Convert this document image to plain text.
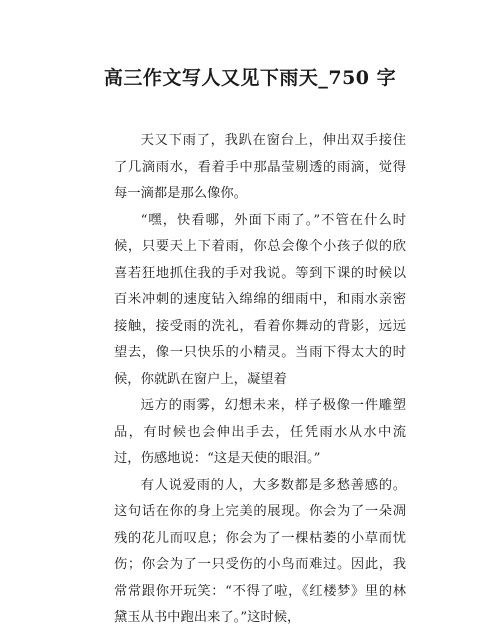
高三作文写人又见下雨天_750 字

天又下雨了，我趴在窗台上，伸出双手接住了几滴雨水，看着手中那晶莹剔透的雨滴，觉得每一滴都是那么像你。

“嘿，快看哪，外面下雨了。”不管在什么时候，只要天上下着雨，你总会像个小孩子似的欣喜若狂地抓住我的手对我说。等到下课的时候以百米冲刺的速度钻入绵绵的细雨中，和雨水亲密接触，接受雨的洗礼，看着你舞动的背影，远远望去，像一只快乐的小精灵。当雨下得太大的时候，你就趴在窗户上，凝望着

远方的雨雾，幻想未来，样子极像一件雕塑品，有时候也会伸出手去，任凭雨水从水中流过，伤感地说：“这是天使的眼泪。”

有人说爱雨的人，大多数都是多愁善感的。这句话在你的身上完美的展现。你会为了一朵凋残的花儿而叹息；你会为了一棵枯萎的小草而忧伤；你会为了一只受伤的小鸟而难过。因此，我常常跟你开玩笑：“不得了啦，《红楼梦》里的林黛玉从书中跑出来了。”这时候，
